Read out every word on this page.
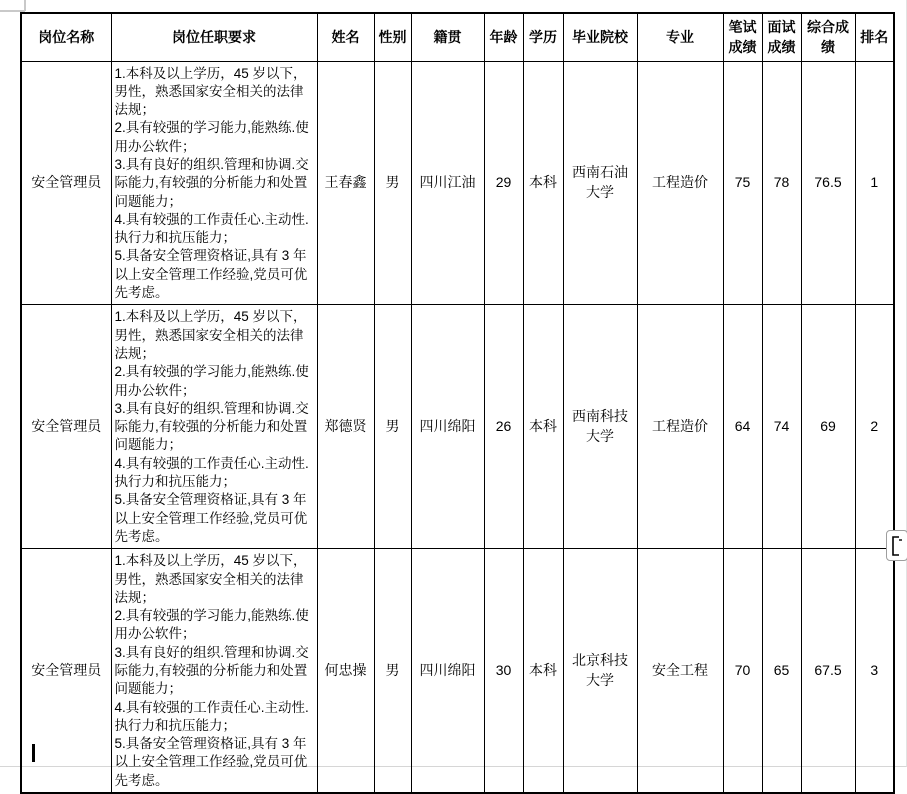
岗位名称	岗位任职要求	姓名	性别	籍贯	年龄	学历	毕业院校	专业	笔试成绩	面试成绩	综合成绩	排名
安全管理员	1.本科及以上学历，45 岁以下，男性，熟悉国家安全相关的法律法规；
2.具有较强的学习能力,能熟练.使用办公软件；
3.具有良好的组织.管理和协调.交际能力,有较强的分析能力和处置问题能力；
4.具有较强的工作责任心.主动性.执行力和抗压能力；
5.具备安全管理资格证,具有 3 年以上安全管理工作经验,党员可优先考虑。	王春鑫	男	四川江油	29	本科	西南石油大学	工程造价	75	78	76.5	1
安全管理员	1.本科及以上学历，45 岁以下，男性，熟悉国家安全相关的法律法规；
2.具有较强的学习能力,能熟练.使用办公软件；
3.具有良好的组织.管理和协调.交际能力,有较强的分析能力和处置问题能力；
4.具有较强的工作责任心.主动性.执行力和抗压能力；
5.具备安全管理资格证,具有 3 年以上安全管理工作经验,党员可优先考虑。	郑德贤	男	四川绵阳	26	本科	西南科技大学	工程造价	64	74	69	2
安全管理员	1.本科及以上学历，45 岁以下，男性，熟悉国家安全相关的法律法规；
2.具有较强的学习能力,能熟练.使用办公软件；
3.具有良好的组织.管理和协调.交际能力,有较强的分析能力和处置问题能力；
4.具有较强的工作责任心.主动性.执行力和抗压能力；
5.具备安全管理资格证,具有 3 年以上安全管理工作经验,党员可优先考虑。	何忠操	男	四川绵阳	30	本科	北京科技大学	安全工程	70	65	67.5	3
